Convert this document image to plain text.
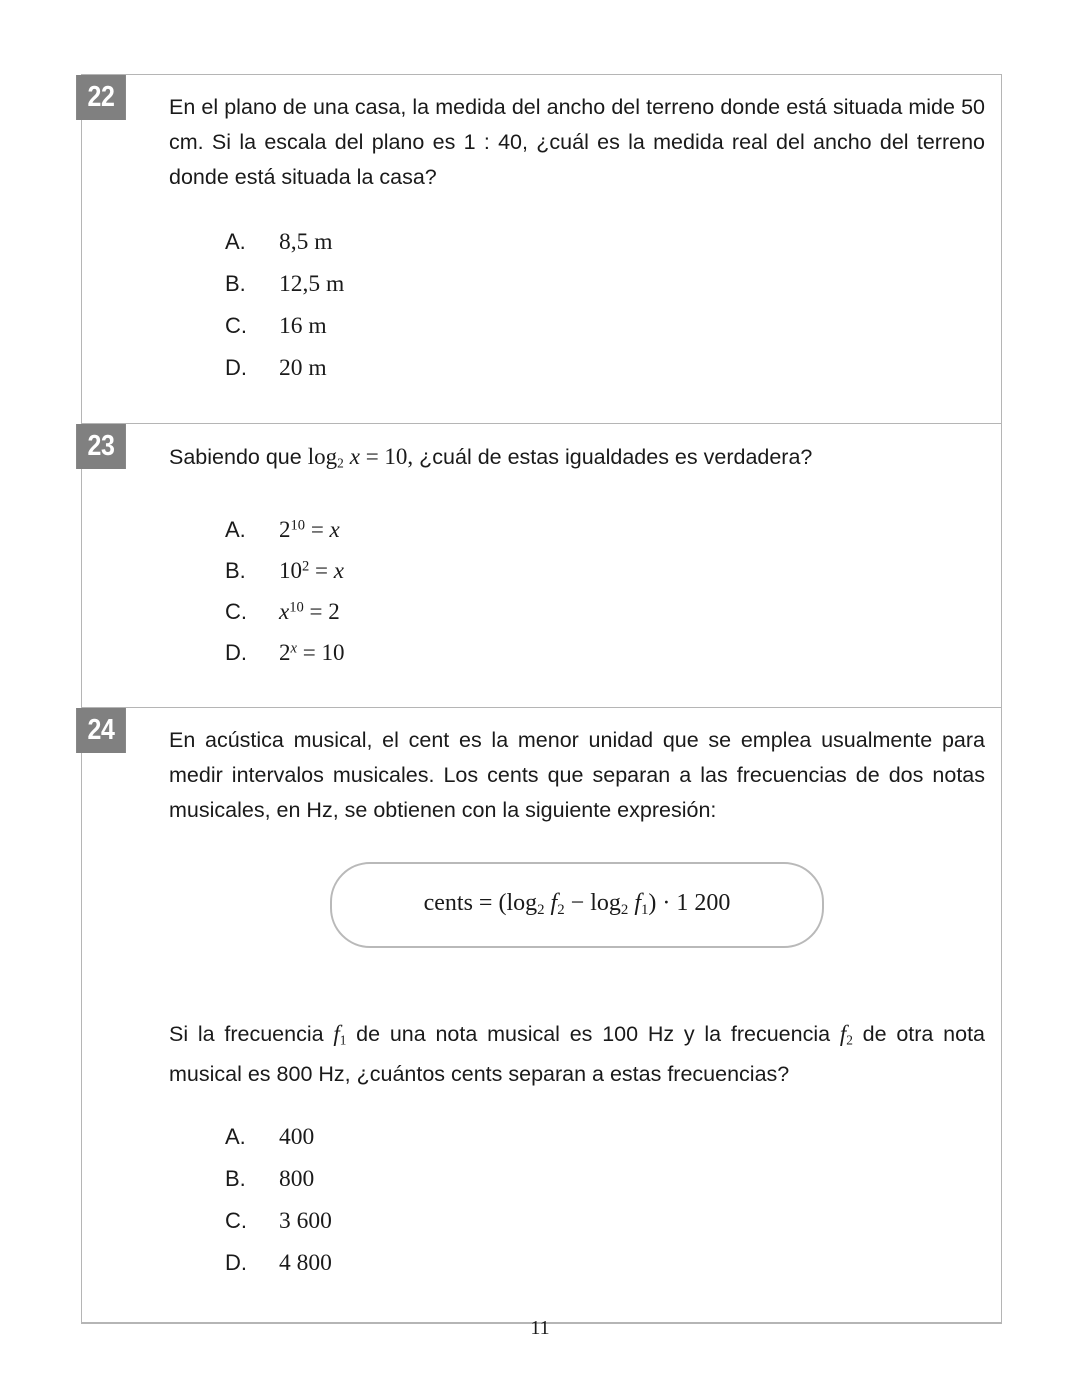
22	En el plano de una casa, la medida del ancho del terreno donde está situada mide 50 cm. Si la escala del plano es 1 : 40, ¿cuál es la medida real del ancho del terreno donde está situada la casa?

A.	8,5 m
B.	12,5 m
C.	16 m
D.	20 m
23	Sabiendo que $\log_2 x = 10$, ¿cuál de estas igualdades es verdadera?

A.	$2^{10} = x$
B.	$10^2 = x$
C.	$x^{10} = 2$
D.	$2^x = 10$
24	En acústica musical, el cent es la menor unidad que se emplea usualmente para medir intervalos musicales. Los cents que separan a las frecuencias de dos notas musicales, en Hz, se obtienen con la siguiente expresión:

cents = ($\log_2$ $f_2 - \log_2 f_1) \cdot 1$ 200

Si la frecuencia $f_1$ de una nota musical es 100 Hz y la frecuencia $f_2$ de otra nota musical es 800 Hz, ¿cuántos cents separan a estas frecuencias?

A.	400
B.	800
C.	3 600
D.	4 800
11
